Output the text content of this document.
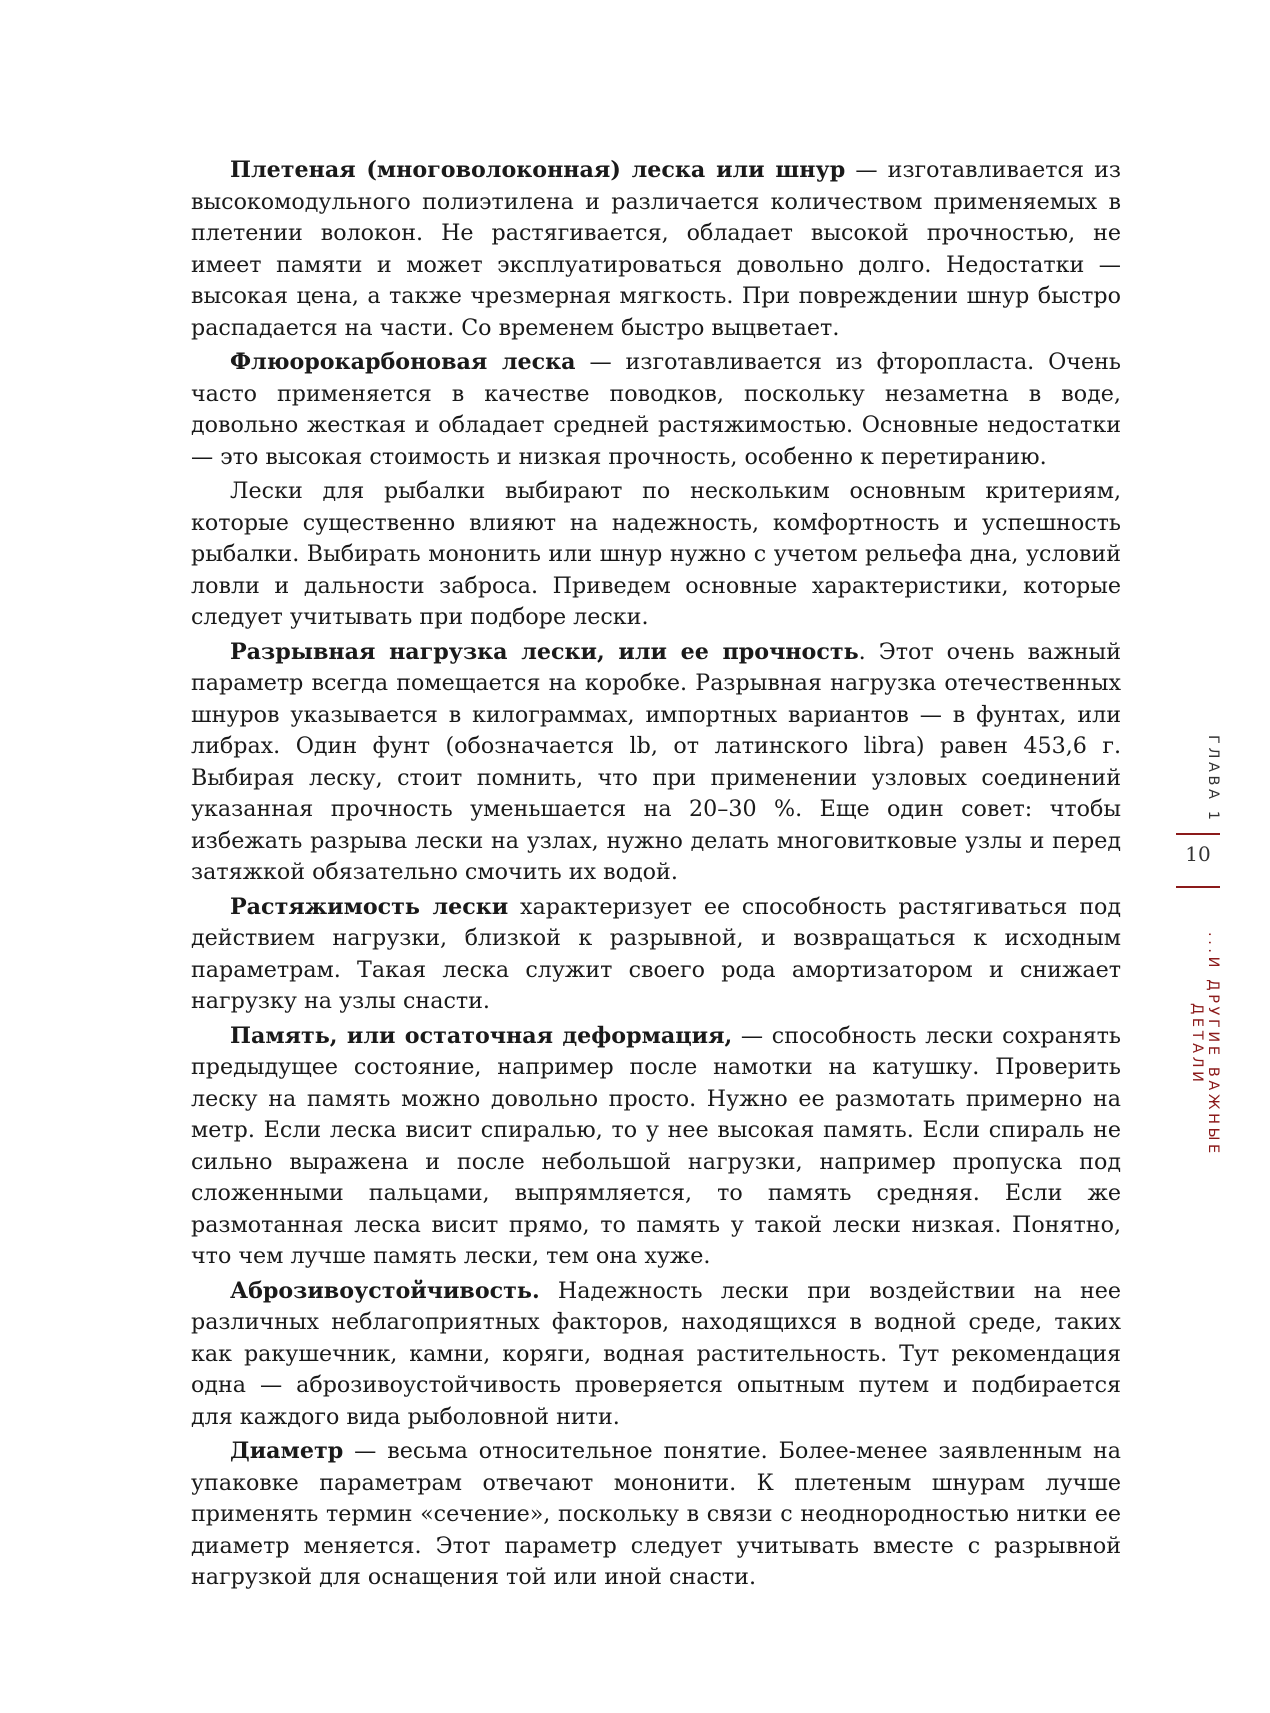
Плетеная (многоволоконная) леска или шнур — изготавливается из высокомодульного полиэтилена и различается количеством применяемых в плетении волокон. Не растягивается, обладает высокой прочностью, не имеет памяти и может эксплуатироваться довольно долго. Недостатки — высокая цена, а также чрезмерная мягкость. При повреждении шнур быстро распадается на части. Со временем быстро выцветает.

Флюорокарбоновая леска — изготавливается из фторопласта. Очень часто применяется в качестве поводков, поскольку незаметна в воде, довольно жесткая и обладает средней растяжимостью. Основные недостатки — это высокая стоимость и низкая прочность, особенно к перетиранию.

Лески для рыбалки выбирают по нескольким основным критериям, которые существенно влияют на надежность, комфортность и успешность рыбалки. Выбирать мононить или шнур нужно с учетом рельефа дна, условий ловли и дальности заброса. Приведем основные характеристики, которые следует учитывать при подборе лески.

Разрывная нагрузка лески, или ее прочность. Этот очень важный параметр всегда помещается на коробке. Разрывная нагрузка отечественных шнуров указывается в килограммах, импортных вариантов — в фунтах, или либрах. Один фунт (обозначается lb, от латинского libra) равен 453,6 г. Выбирая леску, стоит помнить, что при применении узловых соединений указанная прочность уменьшается на 20–30 %. Еще один совет: чтобы избежать разрыва лески на узлах, нужно делать многовитковые узлы и перед затяжкой обязательно смочить их водой.

Растяжимость лески характеризует ее способность растягиваться под действием нагрузки, близкой к разрывной, и возвращаться к исходным параметрам. Такая леска служит своего рода амортизатором и снижает нагрузку на узлы снасти.

Память, или остаточная деформация, — способность лески сохранять предыдущее состояние, например после намотки на катушку. Проверить леску на память можно довольно просто. Нужно ее размотать примерно на метр. Если леска висит спиралью, то у нее высокая память. Если спираль не сильно выражена и после небольшой нагрузки, например пропуска под сложенными пальцами, выпрямляется, то память средняя. Если же размотанная леска висит прямо, то память у такой лески низкая. Понятно, что чем лучше память лески, тем она хуже.

Аброзивоустойчивость. Надежность лески при воздействии на нее различных неблагоприятных факторов, находящихся в водной среде, таких как ракушечник, камни, коряги, водная растительность. Тут рекомендация одна — аброзивоустойчивость проверяется опытным путем и подбирается для каждого вида рыболовной нити.

Диаметр — весьма относительное понятие. Более-менее заявленным на упаковке параметрам отвечают мононити. К плетеным шнурам лучше применять термин «сечение», поскольку в связи с неоднородностью нитки ее диаметр меняется. Этот параметр следует учитывать вместе с разрывной нагрузкой для оснащения той или иной снасти.

ГЛАВА 1
10
...И ДРУГИЕ ВАЖНЫЕ ДЕТАЛИ
